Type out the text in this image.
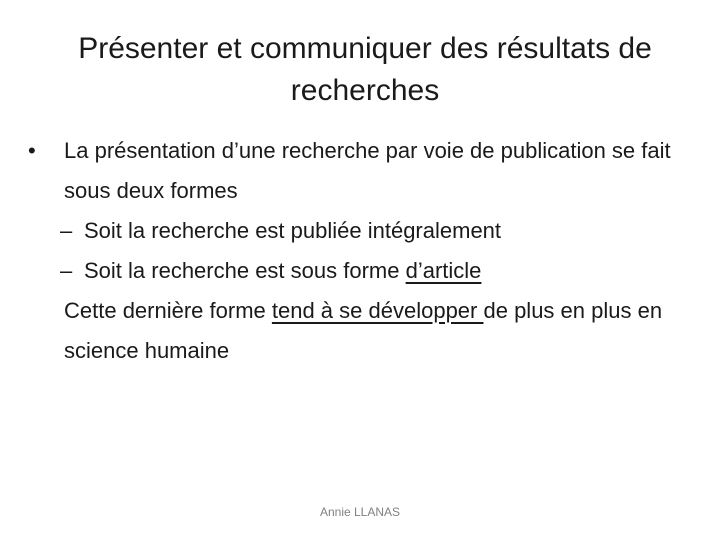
Présenter et communiquer des résultats de recherches
• La présentation d’une recherche par voie de publication se fait sous deux formes
– Soit la recherche est publiée intégralement
– Soit la recherche est sous forme d’article
Cette dernière forme tend à se développer de plus en plus en science humaine
Annie LLANAS
